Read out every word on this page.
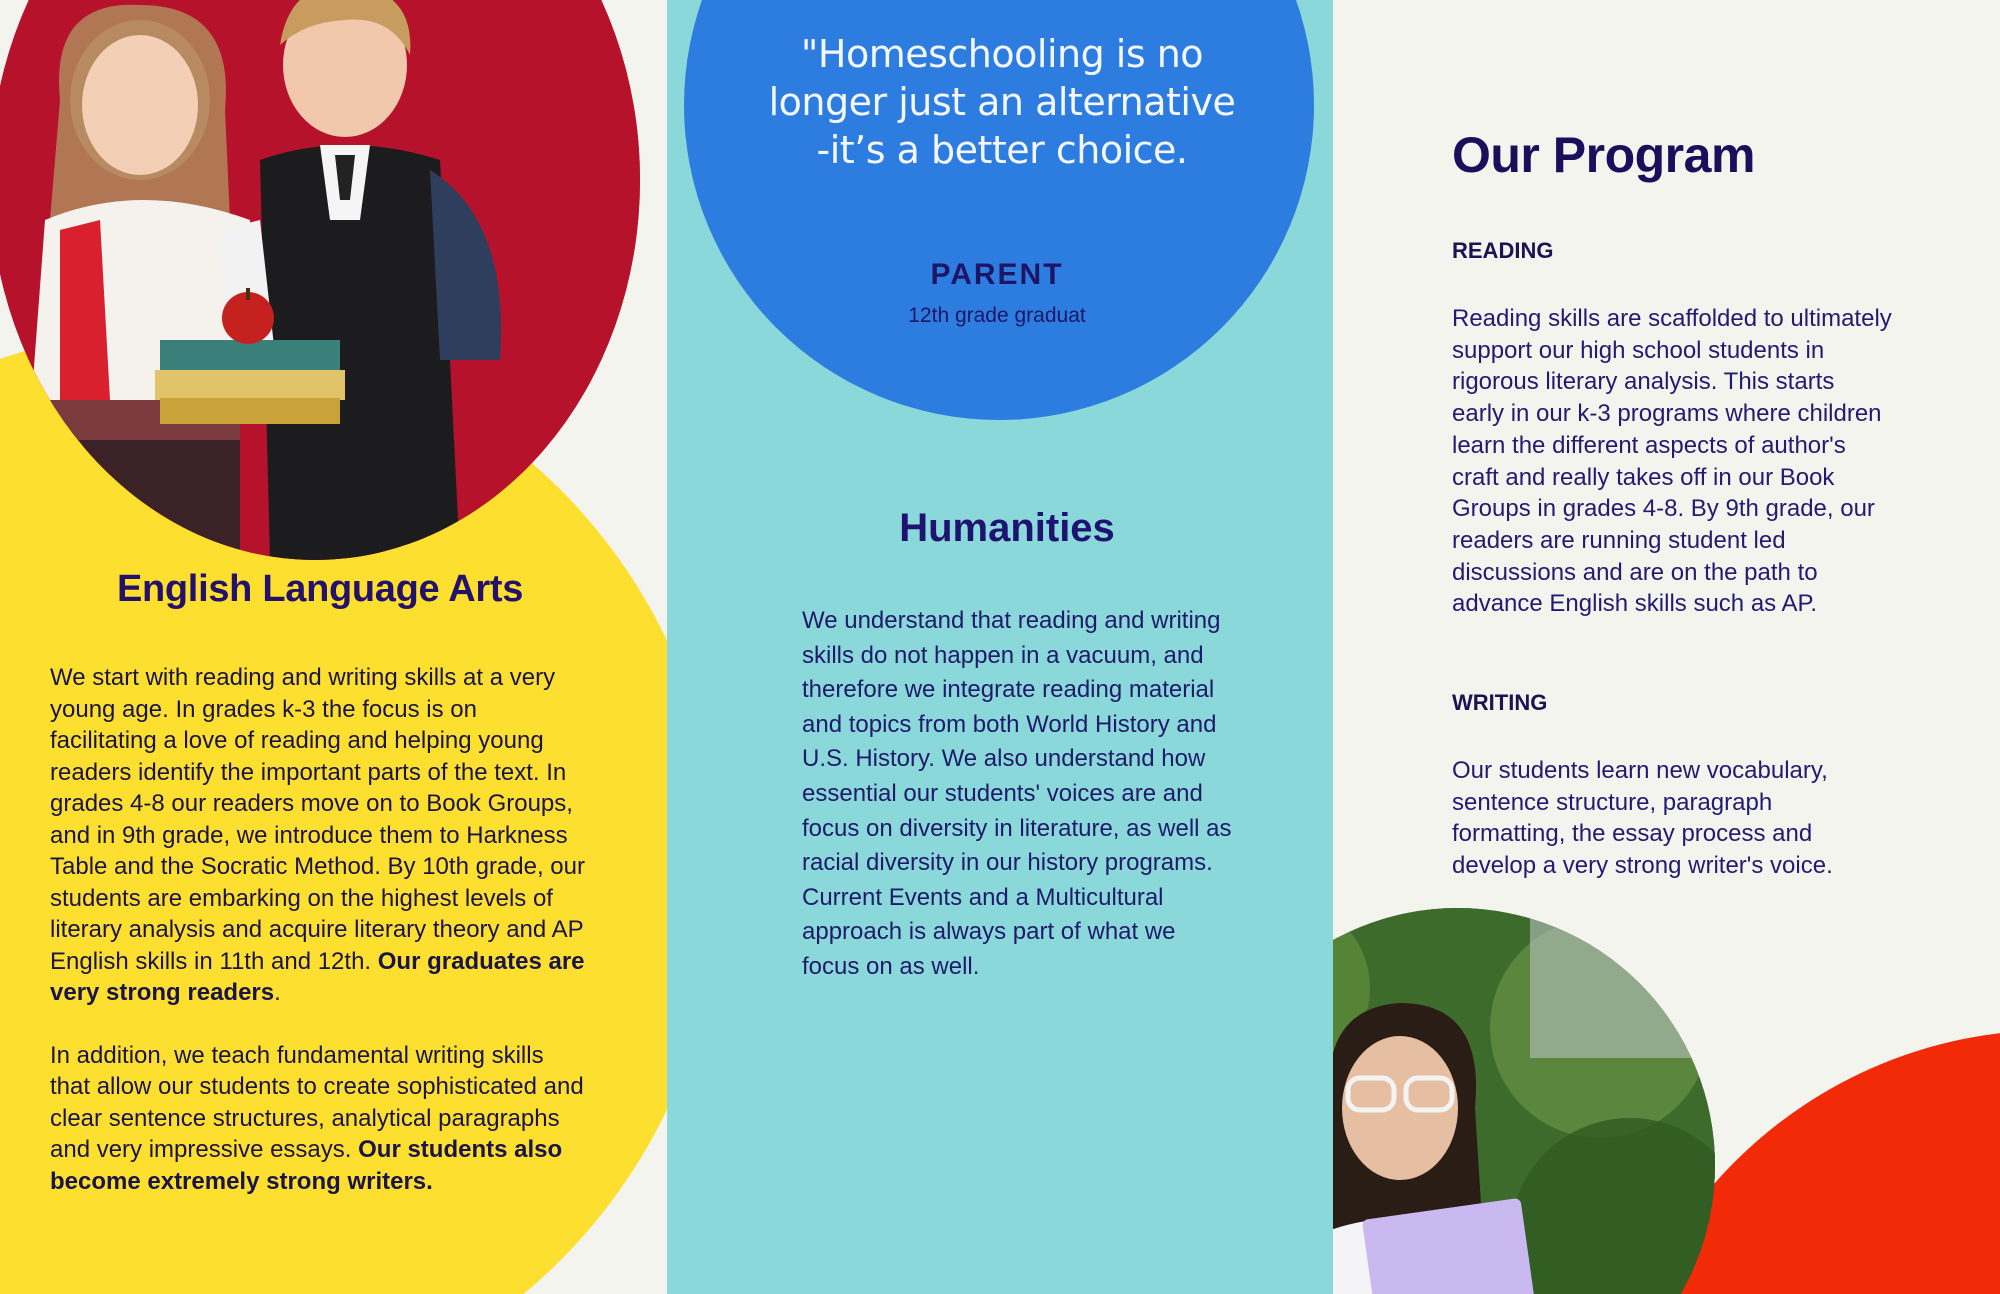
English Language Arts

We start with reading and writing skills at a very young age. In grades k-3 the focus is on facilitating a love of reading and helping young readers identify the important parts of the text. In grades 4-8 our readers move on to Book Groups, and in 9th grade, we introduce them to Harkness Table and the Socratic Method. By 10th grade, our students are embarking on the highest levels of literary analysis and acquire literary theory and AP English skills in 11th and 12th. Our graduates are very strong readers.

In addition, we teach fundamental writing skills that allow our students to create sophisticated and clear sentence structures, analytical paragraphs and very impressive essays. Our students also become extremely strong writers.

"Homeschooling is no longer just an alternative -it’s a better choice.
PARENT
12th grade graduat
Humanities
We understand that reading and writing skills do not happen in a vacuum, and therefore we integrate reading material and topics from both World History and U.S. History. We also understand how essential our students' voices are and focus on diversity in literature, as well as racial diversity in our history programs. Current Events and a Multicultural approach is always part of what we focus on as well.
Our Program
READING
Reading skills are scaffolded to ultimately support our high school students in rigorous literary analysis. This starts early in our k-3 programs where children learn the different aspects of author's craft and really takes off in our Book Groups in grades 4-8. By 9th grade, our readers are running student led discussions and are on the path to advance English skills such as AP.
WRITING
Our students learn new vocabulary, sentence structure, paragraph formatting, the essay process and develop a very strong writer's voice.
